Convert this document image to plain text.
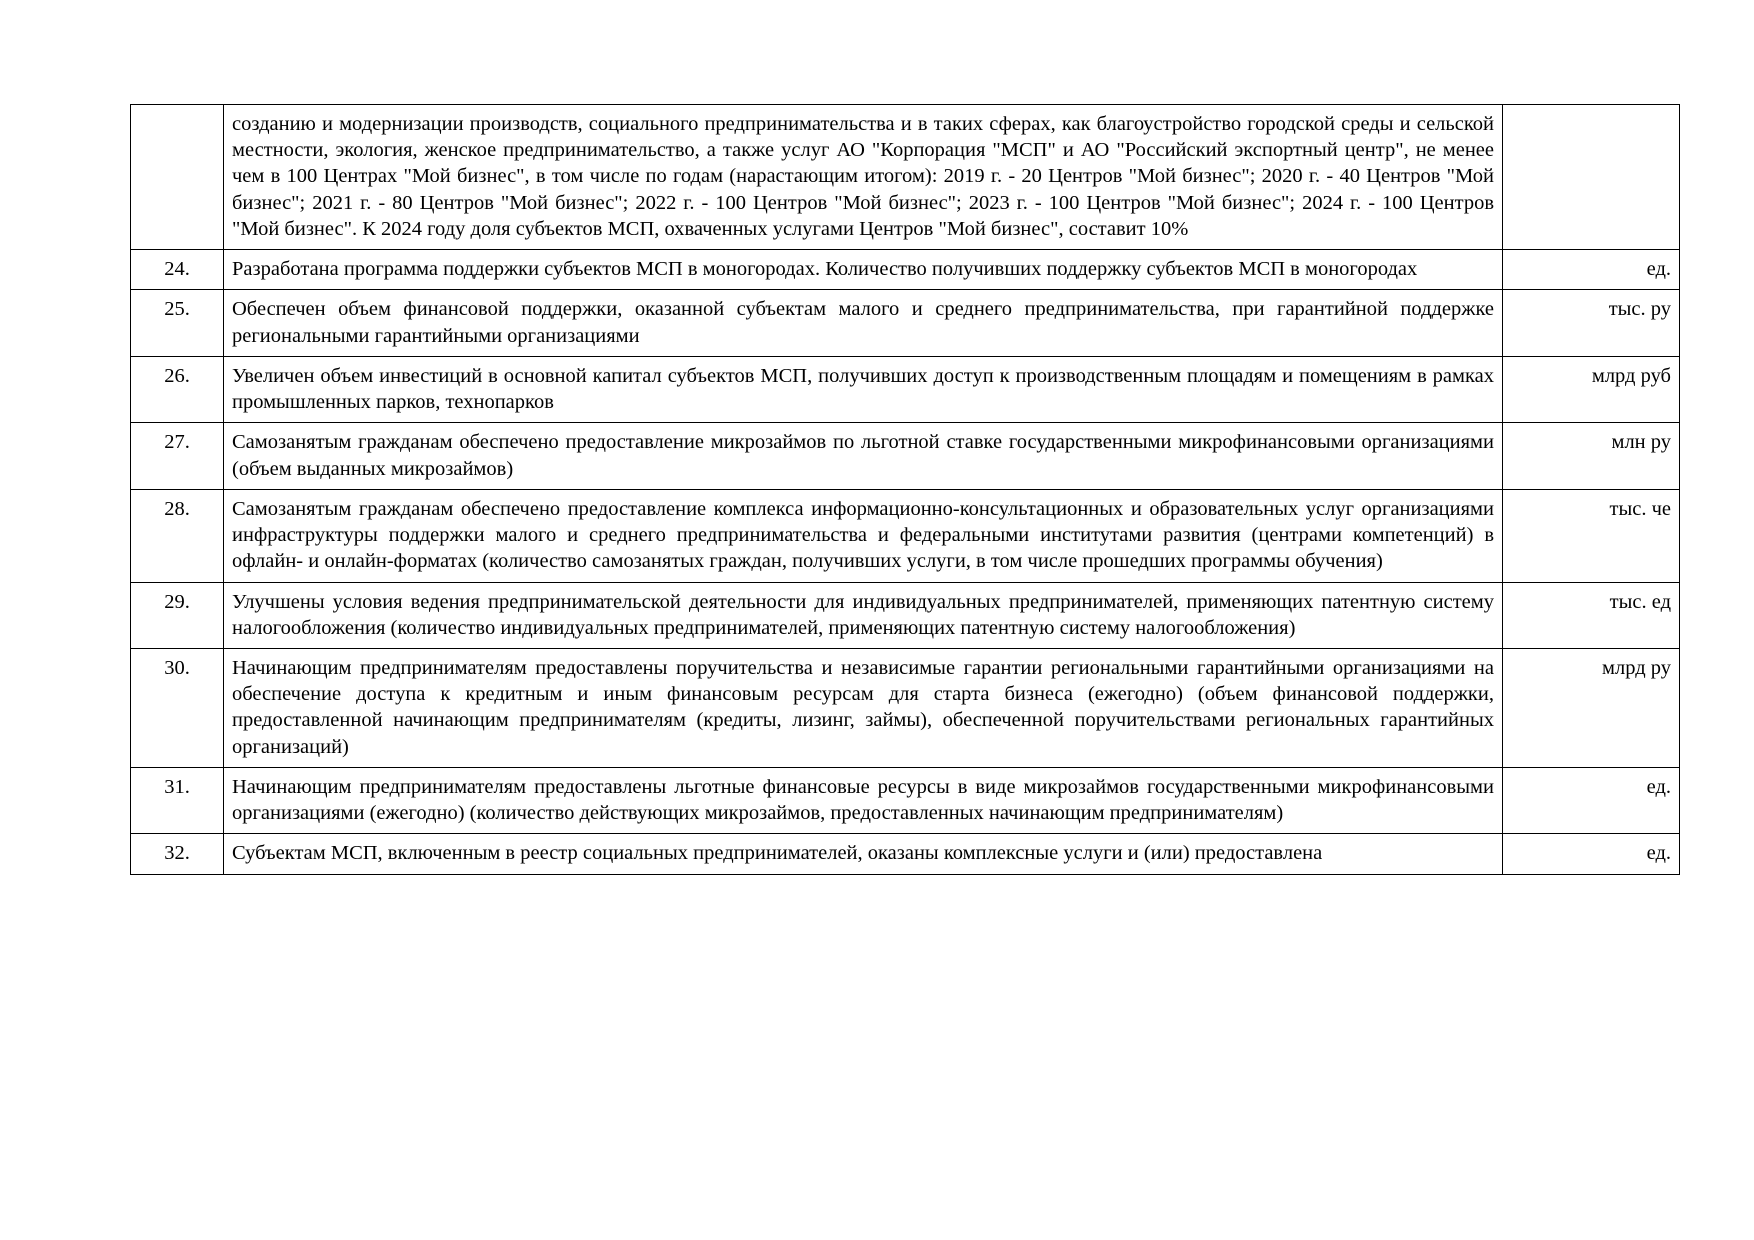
	созданию и модернизации производств, социального предпринимательства и в таких сферах, как благоустройство городской среды и сельской местности, экология, женское предпринимательство, а также услуг АО "Корпорация "МСП" и АО "Российский экспортный центр", не менее чем в 100 Центрах "Мой бизнес", в том числе по годам (нарастающим итогом): 2019 г. - 20 Центров "Мой бизнес"; 2020 г. - 40 Центров "Мой бизнес"; 2021 г. - 80 Центров "Мой бизнес"; 2022 г. - 100 Центров "Мой бизнес"; 2023 г. - 100 Центров "Мой бизнес"; 2024 г. - 100 Центров "Мой бизнес". К 2024 году доля субъектов МСП, охваченных услугами Центров "Мой бизнес", составит 10%	
24.	Разработана программа поддержки субъектов МСП в моногородах. Количество получивших поддержку субъектов МСП в моногородах	ед.
25.	Обеспечен объем финансовой поддержки, оказанной субъектам малого и среднего предпринимательства, при гарантийной поддержке региональными гарантийными организациями	тыс. ру
26.	Увеличен объем инвестиций в основной капитал субъектов МСП, получивших доступ к производственным площадям и помещениям в рамках промышленных парков, технопарков	млрд руб
27.	Самозанятым гражданам обеспечено предоставление микрозаймов по льготной ставке государственными микрофинансовыми организациями (объем выданных микрозаймов)	млн ру
28.	Самозанятым гражданам обеспечено предоставление комплекса информационно-консультационных и образовательных услуг организациями инфраструктуры поддержки малого и среднего предпринимательства и федеральными институтами развития (центрами компетенций) в офлайн- и онлайн-форматах (количество самозанятых граждан, получивших услуги, в том числе прошедших программы обучения)	тыс. че
29.	Улучшены условия ведения предпринимательской деятельности для индивидуальных предпринимателей, применяющих патентную систему налогообложения (количество индивидуальных предпринимателей, применяющих патентную систему налогообложения)	тыс. ед
30.	Начинающим предпринимателям предоставлены поручительства и независимые гарантии региональными гарантийными организациями на обеспечение доступа к кредитным и иным финансовым ресурсам для старта бизнеса (ежегодно) (объем финансовой поддержки, предоставленной начинающим предпринимателям (кредиты, лизинг, займы), обеспеченной поручительствами региональных гарантийных организаций)	млрд ру
31.	Начинающим предпринимателям предоставлены льготные финансовые ресурсы в виде микрозаймов государственными микрофинансовыми организациями (ежегодно) (количество действующих микрозаймов, предоставленных начинающим предпринимателям)	ед.
32.	Субъектам МСП, включенным в реестр социальных предпринимателей, оказаны комплексные услуги и (или) предоставлена	ед.
